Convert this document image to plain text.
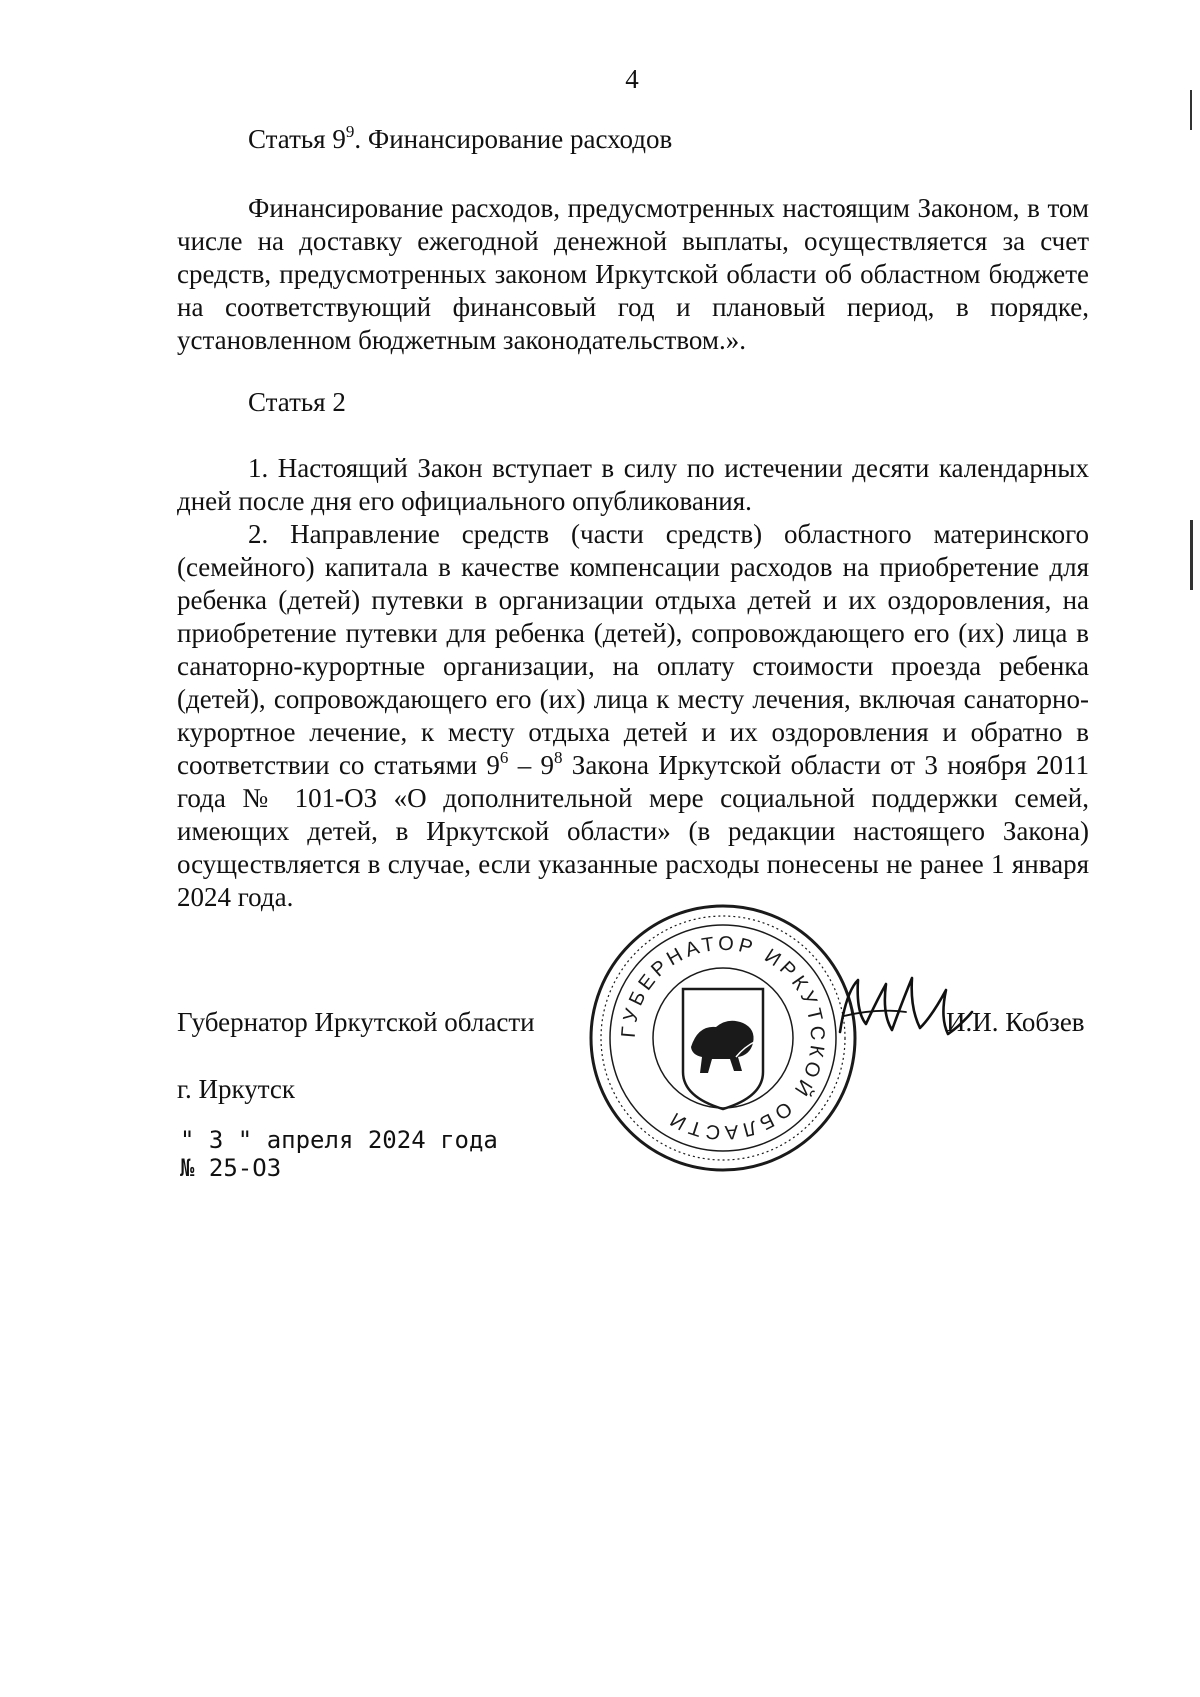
4
Статья $9^9$. Финансирование расходов

Финансирование расходов, предусмотренных настоящим Законом, в том числе на доставку ежегодной денежной выплаты, осуществляется за счет средств, предусмотренных законом Иркутской области об областном бюджете на соответствующий финансовый год и плановый период, в порядке, установленном бюджетным законодательством.».

Статья 2

1. Настоящий Закон вступает в силу по истечении десяти календарных дней после дня его официального опубликования.

2. Направление средств (части средств) областного материнского (семейного) капитала в качестве компенсации расходов на приобретение для ребенка (детей) путевки в организации отдыха детей и их оздоровления, на приобретение путевки для ребенка (детей), сопровождающего его (их) лица в санаторно-курортные организации, на оплату стоимости проезда ребенка (детей), сопровождающего его (их) лица к месту лечения, включая санаторно-курортное лечение, к месту отдыха детей и их оздоровления и обратно в соответствии со статьями $9^6 - 9^8$ Закона Иркутской области от 3 ноября 2011 года № 101-ОЗ «О дополнительной мере социальной поддержки семей, имеющих детей, в Иркутской области» (в редакции настоящего Закона) осуществляется в случае, если указанные расходы понесены не ранее 1 января 2024 года.

Губернатор Иркутской области	ГУБЕРНАТОР ИРКУТСКОЙ ОБЛАСТИ
И.И. Кобзев
г. Иркутск
" 3 " апреля 2024 года
№ 25-ОЗ
